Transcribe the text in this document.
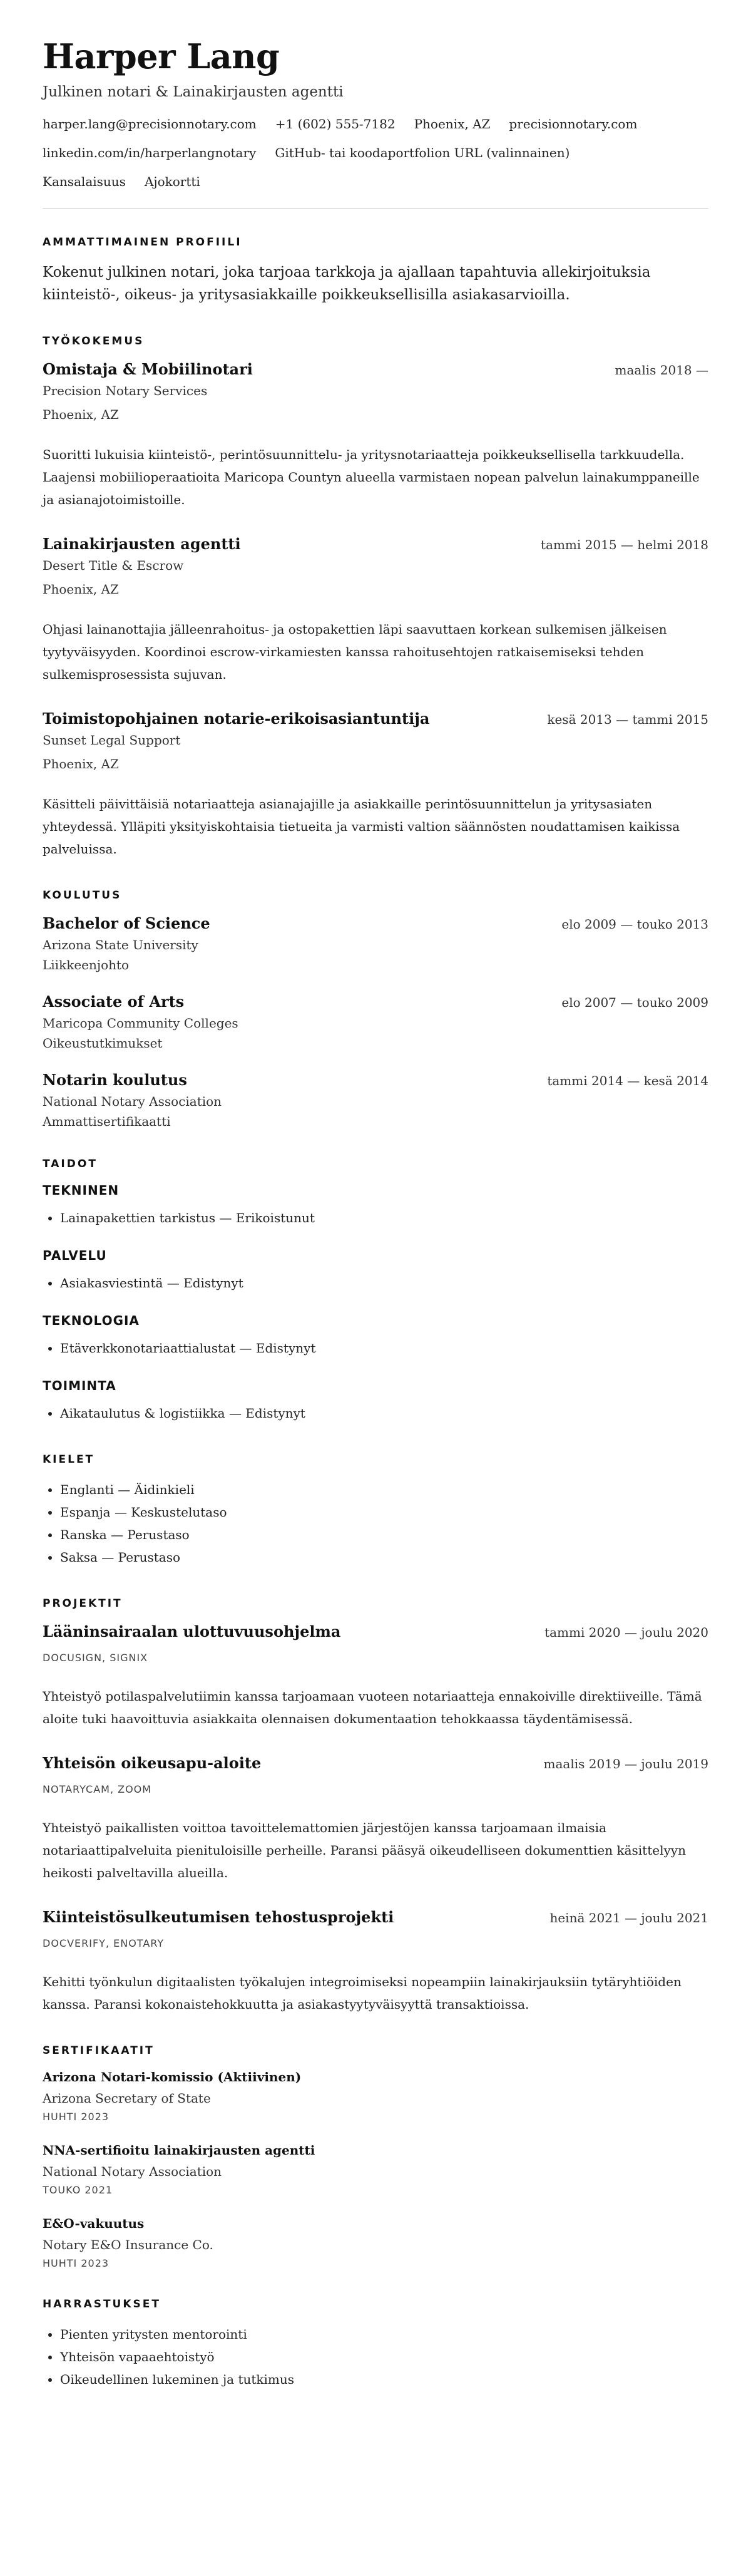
Harper Lang
Julkinen notari & Lainakirjausten agentti
harper.lang@precisionnotary.com +1 (602) 555-7182 Phoenix, AZ precisionnotary.com
linkedin.com/in/harperlangnotary GitHub- tai koodaportfolion URL (valinnainen)
Kansalaisuus Ajokortti
AMMATTIMAINEN PROFIILI

Kokenut julkinen notari, joka tarjoaa tarkkoja ja ajallaan tapahtuvia allekirjoituksia kiinteistö-, oikeus- ja yritysasiakkaille poikkeuksellisilla asiakasarvioilla.

TYÖKOKEMUS
Omistaja & Mobiilinotari	maalis 2018 —
Precision Notary Services
Phoenix, AZ
Suoritti lukuisia kiinteistö-, perintösuunnittelu- ja yritysnotariaatteja poikkeuksellisella tarkkuudella. Laajensi mobiilioperaatioita Maricopa Countyn alueella varmistaen nopean palvelun lainakumppaneille ja asianajotoimistoille.
Lainakirjausten agentti	tammi 2015 — helmi 2018
Desert Title & Escrow
Phoenix, AZ
Ohjasi lainanottajia jälleenrahoitus- ja ostopakettien läpi saavuttaen korkean sulkemisen jälkeisen tyytyväisyyden. Koordinoi escrow-virkamiesten kanssa rahoitusehtojen ratkaisemiseksi tehden sulkemisprosessista sujuvan.
Toimistopohjainen notarie-erikoisasiantuntija	kesä 2013 — tammi 2015
Sunset Legal Support
Phoenix, AZ
Käsitteli päivittäisiä notariaatteja asianajajille ja asiakkaille perintösuunnittelun ja yritysasiaten yhteydessä. Ylläpiti yksityiskohtaisia tietueita ja varmisti valtion säännösten noudattamisen kaikissa palveluissa.
KOULUTUS
Bachelor of Science	elo 2009 — touko 2013
Arizona State University
Liikkeenjohto
Associate of Arts	elo 2007 — touko 2009
Maricopa Community Colleges
Oikeustutkimukset
Notarin koulutus	tammi 2014 — kesä 2014
National Notary Association
Ammattisertifikaatti
TAIDOT
TEKNINEN
• Lainapakettien tarkistus — Erikoistunut
PALVELU
• Asiakasviestintä — Edistynyt
TEKNOLOGIA
• Etäverkkonotariaattialustat — Edistynyt
TOIMINTA
• Aikataulutus & logistiikka — Edistynyt
KIELET
• Englanti — Äidinkieli
• Espanja — Keskustelutaso
• Ranska — Perustaso
• Saksa — Perustaso
PROJEKTIT
Lääninsairaalan ulottuvuusohjelma	tammi 2020 — joulu 2020
DOCUSIGN, SIGNIX
Yhteistyö potilaspalvelutiimin kanssa tarjoamaan vuoteen notariaatteja ennakoiville direktiiveille. Tämä aloite tuki haavoittuvia asiakkaita olennaisen dokumentaation tehokkaassa täydentämisessä.
Yhteisön oikeusapu-aloite	maalis 2019 — joulu 2019
NOTARYCAM, ZOOM
Yhteistyö paikallisten voittoa tavoittelemattomien järjestöjen kanssa tarjoamaan ilmaisia notariaattipalveluita pienituloisille perheille. Paransi pääsyä oikeudelliseen dokumenttien käsittelyyn heikosti palveltavilla alueilla.
Kiinteistösulkeutumisen tehostusprojekti	heinä 2021 — joulu 2021
DOCVERIFY, ENOTARY
Kehitti työnkulun digitaalisten työkalujen integroimiseksi nopeampiin lainakirjauksiin tytäryhtiöiden kanssa. Paransi kokonaistehokkuutta ja asiakastyytyväisyyttä transaktioissa.
SERTIFIKAATIT
Arizona Notari-komissio (Aktiivinen)
Arizona Secretary of State
HUHTI 2023
NNA-sertifioitu lainakirjausten agentti
National Notary Association
TOUKO 2021
E&O-vakuutus
Notary E&O Insurance Co.
HUHTI 2023
HARRASTUKSET
• Pienten yritysten mentorointi
• Yhteisön vapaaehtoistyö
• Oikeudellinen lukeminen ja tutkimus
